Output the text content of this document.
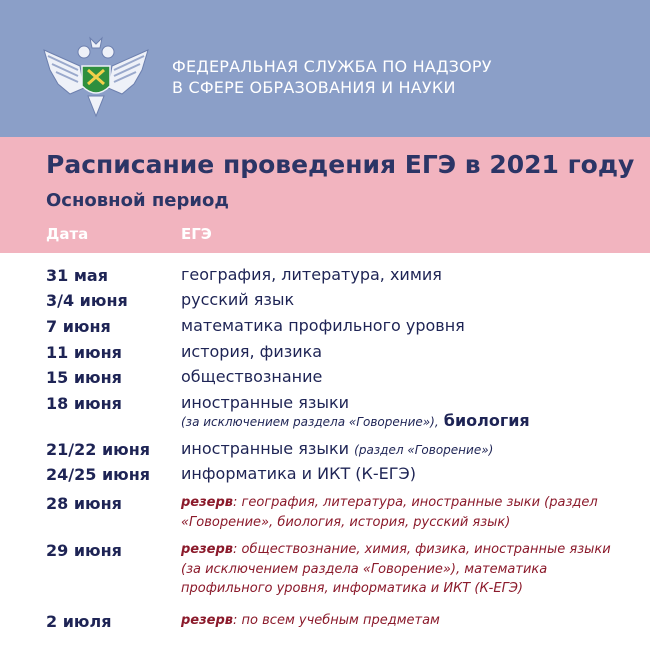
ФЕДЕРАЛЬНАЯ СЛУЖБА ПО НАДЗОРУ
В СФЕРЕ ОБРАЗОВАНИЯ И НАУКИ
Расписание проведения ЕГЭ в 2021 году
Основной период
Дата	ЕГЭ
31 мая	география, литература, химия
3/4 июня	русский язык
7 июня	математика профильного уровня
11 июня	история, физика
15 июня	обществознание
18 июня	иностранные языки
(за исключением раздела «Говорение»), биология
21/22 июня иностранные языки (раздел «Говорение»)
24/25 июня информатика и ИКТ (К-ЕГЭ)
28 июня	резерв: география, литература, иностранные зыки (раздел
«Говорение», биология, история, русский язык)
29 июня	резерв: обществознание, химия, физика, иностранные языки
(за исключением раздела «Говорение»), математика
профильного уровня, информатика и ИКТ (К-ЕГЭ)
2 июля	резерв: по всем учебным предметам
